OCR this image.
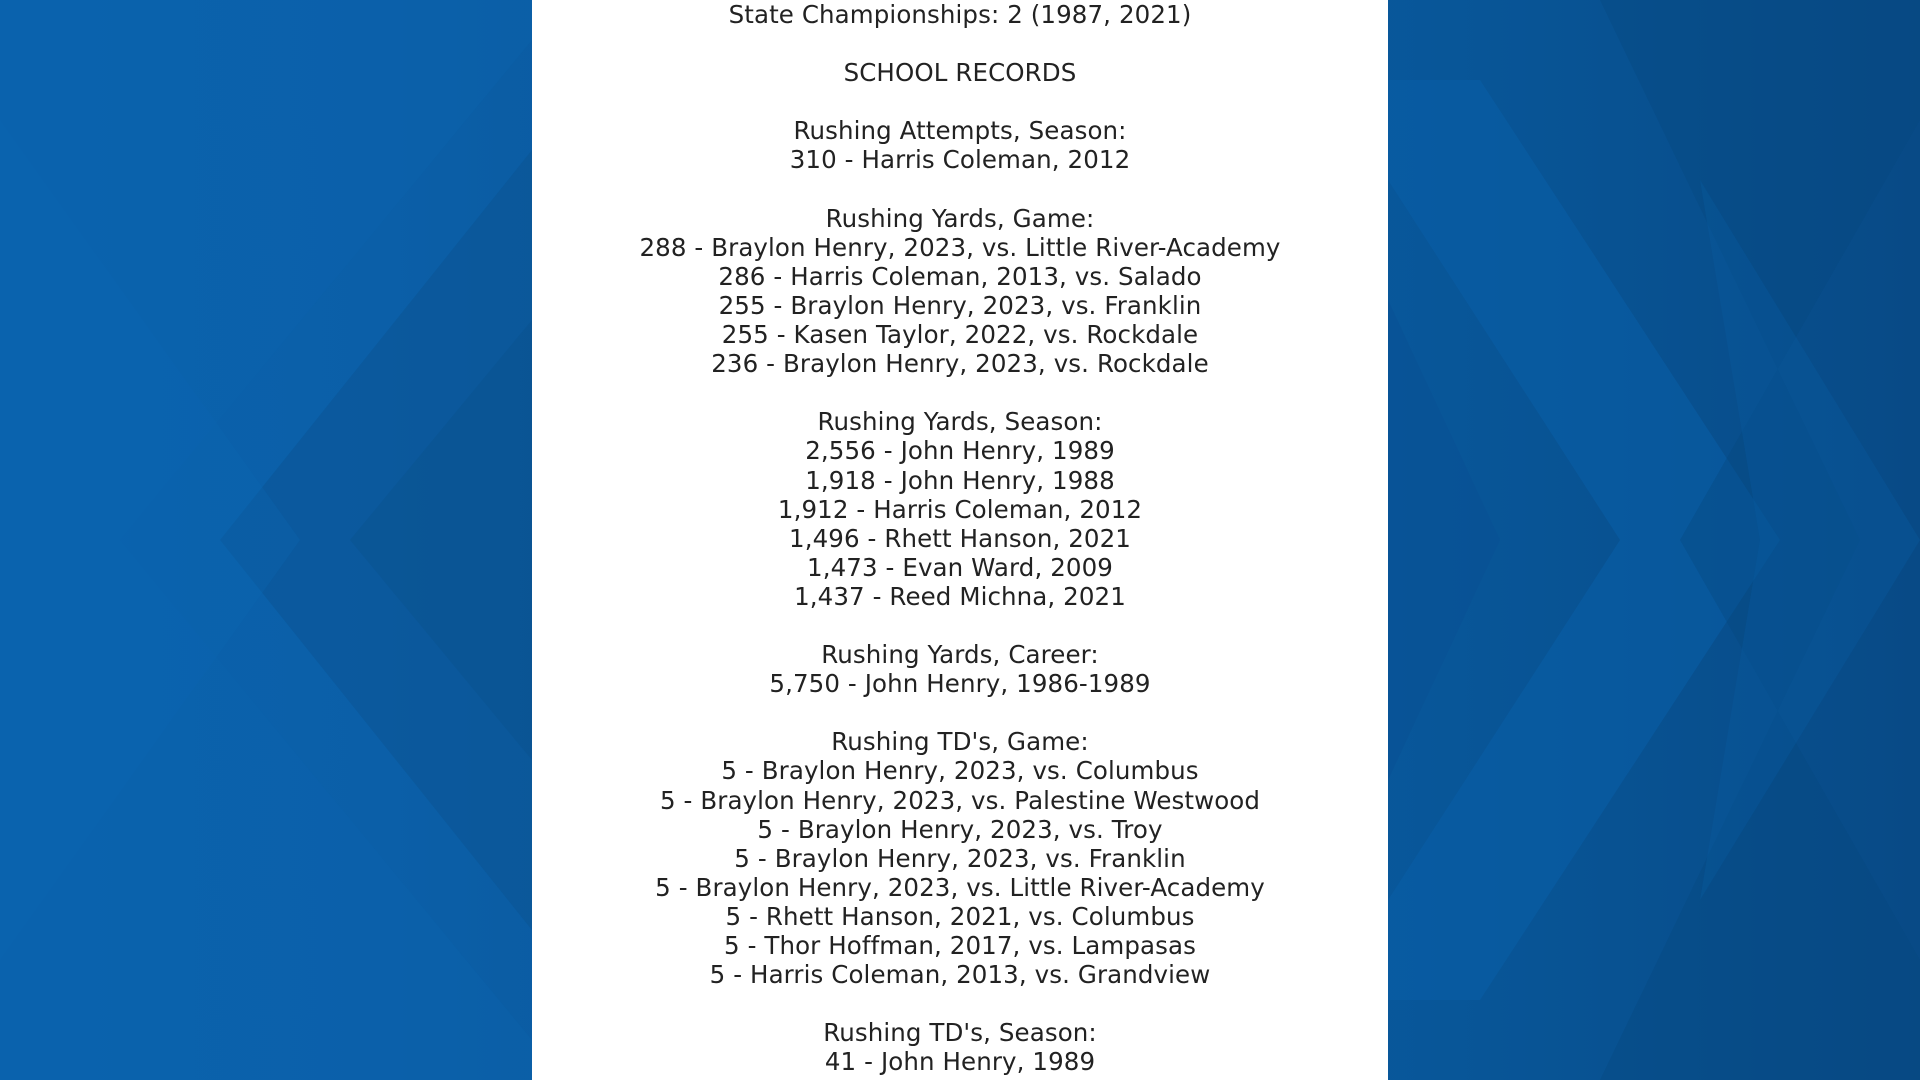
State Championships: 2 (1987, 2021)
SCHOOL RECORDS
Rushing Attempts, Season:
310 - Harris Coleman, 2012
Rushing Yards, Game:
288 - Braylon Henry, 2023, vs. Little River-Academy
286 - Harris Coleman, 2013, vs. Salado
255 - Braylon Henry, 2023, vs. Franklin
255 - Kasen Taylor, 2022, vs. Rockdale
236 - Braylon Henry, 2023, vs. Rockdale
Rushing Yards, Season:
2,556 - John Henry, 1989
1,918 - John Henry, 1988
1,912 - Harris Coleman, 2012
1,496 - Rhett Hanson, 2021
1,473 - Evan Ward, 2009
1,437 - Reed Michna, 2021
Rushing Yards, Career:
5,750 - John Henry, 1986-1989
Rushing TD's, Game:
5 - Braylon Henry, 2023, vs. Columbus
5 - Braylon Henry, 2023, vs. Palestine Westwood
5 - Braylon Henry, 2023, vs. Troy
5 - Braylon Henry, 2023, vs. Franklin
5 - Braylon Henry, 2023, vs. Little River-Academy
5 - Rhett Hanson, 2021, vs. Columbus
5 - Thor Hoffman, 2017, vs. Lampasas
5 - Harris Coleman, 2013, vs. Grandview
Rushing TD's, Season:
41 - John Henry, 1989
